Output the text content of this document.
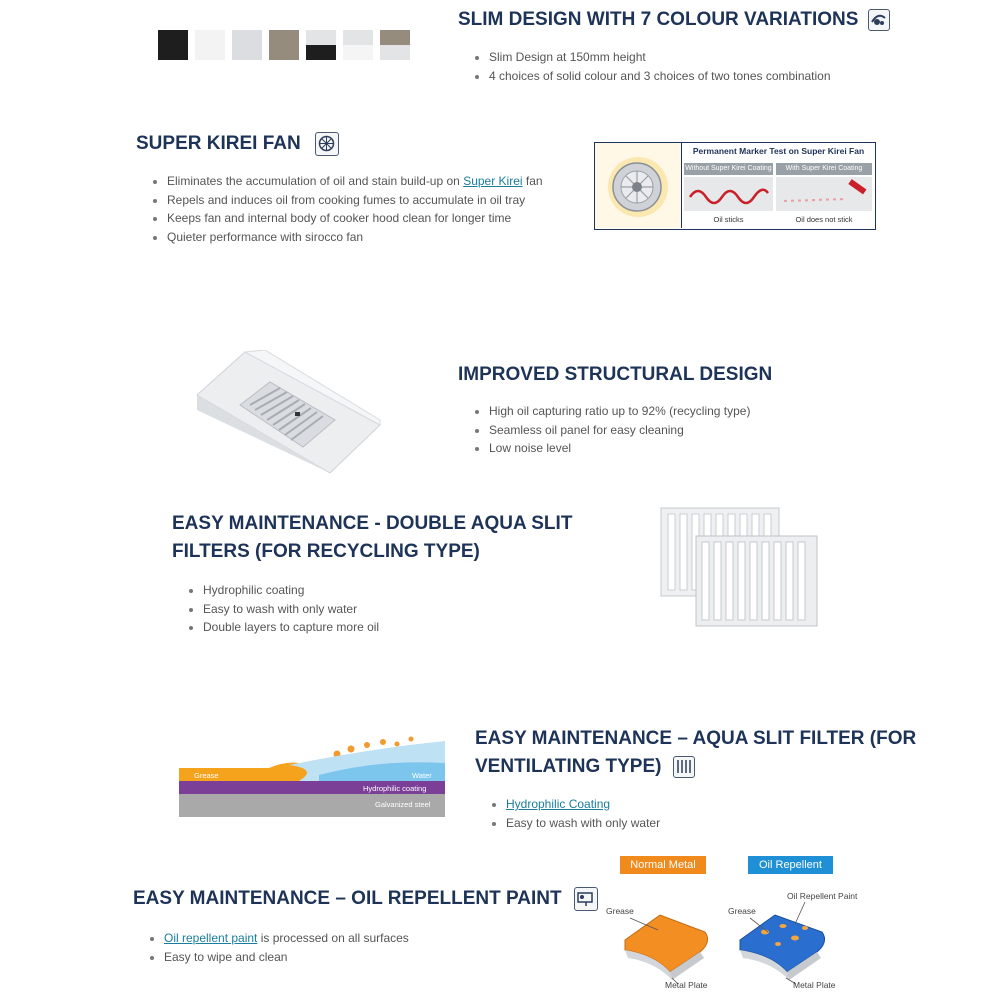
SLIM DESIGN WITH 7 COLOUR VARIATIONS
• Slim Design at 150mm height
• 4 choices of solid colour and 3 choices of two tones combination
SUPER KIREI FAN
• Eliminates the accumulation of oil and stain build-up on Super Kirei fan
• Repels and induces oil from cooking fumes to accumulate in oil tray
• Keeps fan and internal body of cooker hood clean for longer time
• Quieter performance with sirocco fan
Permanent Marker Test on Super Kirei Fan
Without Super Kirei Coating	With Super Kirei Coating
Oil sticks	Oil does not stick
IMPROVED STRUCTURAL DESIGN
• High oil capturing ratio up to 92% (recycling type)
• Seamless oil panel for easy cleaning
• Low noise level
EASY MAINTENANCE - DOUBLE AQUA SLIT
FILTERS (FOR RECYCLING TYPE)
• Hydrophilic coating
• Easy to wash with only water
• Double layers to capture more oil
Grease	Water
Hydrophilic coating
Galvanized steel
EASY MAINTENANCE – AQUA SLIT FILTER (FOR
VENTILATING TYPE)
• Hydrophilic Coating
• Easy to wash with only water
EASY MAINTENANCE – OIL REPELLENT PAINT
• Oil repellent paint is processed on all surfaces
• Easy to wipe and clean
Normal Metal	Oil Repellent
Grease
Metal Plate
Grease
Oil Repellent Paint
Metal Plate
